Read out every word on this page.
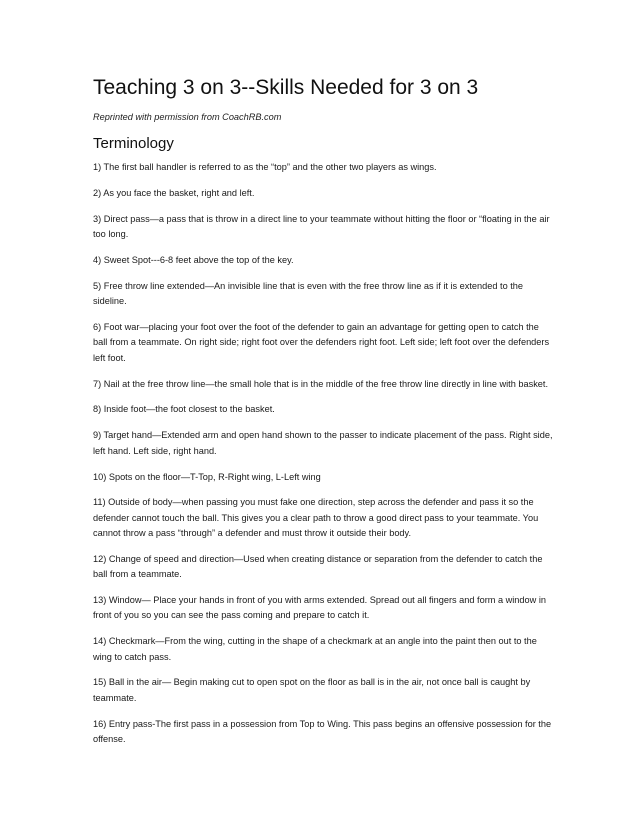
Teaching 3 on 3--Skills Needed for 3 on 3

Reprinted with permission from CoachRB.com

Terminology
1) The first ball handler is referred to as the “top” and the other two players as wings.
2) As you face the basket, right and left.
3) Direct pass—a pass that is throw in a direct line to your teammate without hitting the floor or “floating in the air too long.
4) Sweet Spot---6-8 feet above the top of the key.
5) Free throw line extended—An invisible line that is even with the free throw line as if it is extended to the sideline.
6) Foot war—placing your foot over the foot of the defender to gain an advantage for getting open to catch the ball from a teammate. On right side; right foot over the defenders right foot. Left side; left foot over the defenders left foot.
7) Nail at the free throw line—the small hole that is in the middle of the free throw line directly in line with basket.
8) Inside foot—the foot closest to the basket.
9) Target hand—Extended arm and open hand shown to the passer to indicate placement of the pass. Right side, left hand. Left side, right hand.
10) Spots on the floor—T-Top, R-Right wing, L-Left wing
11) Outside of body—when passing you must fake one direction, step across the defender and pass it so the defender cannot touch the ball. This gives you a clear path to throw a good direct pass to your teammate. You cannot throw a pass “through” a defender and must throw it outside their body.
12) Change of speed and direction—Used when creating distance or separation from the defender to catch the ball from a teammate.
13) Window— Place your hands in front of you with arms extended. Spread out all fingers and form a window in front of you so you can see the pass coming and prepare to catch it.
14) Checkmark—From the wing, cutting in the shape of a checkmark at an angle into the paint then out to the wing to catch pass.
15) Ball in the air— Begin making cut to open spot on the floor as ball is in the air, not once ball is caught by teammate.
16) Entry pass-The first pass in a possession from Top to Wing. This pass begins an offensive possession for the offense.
